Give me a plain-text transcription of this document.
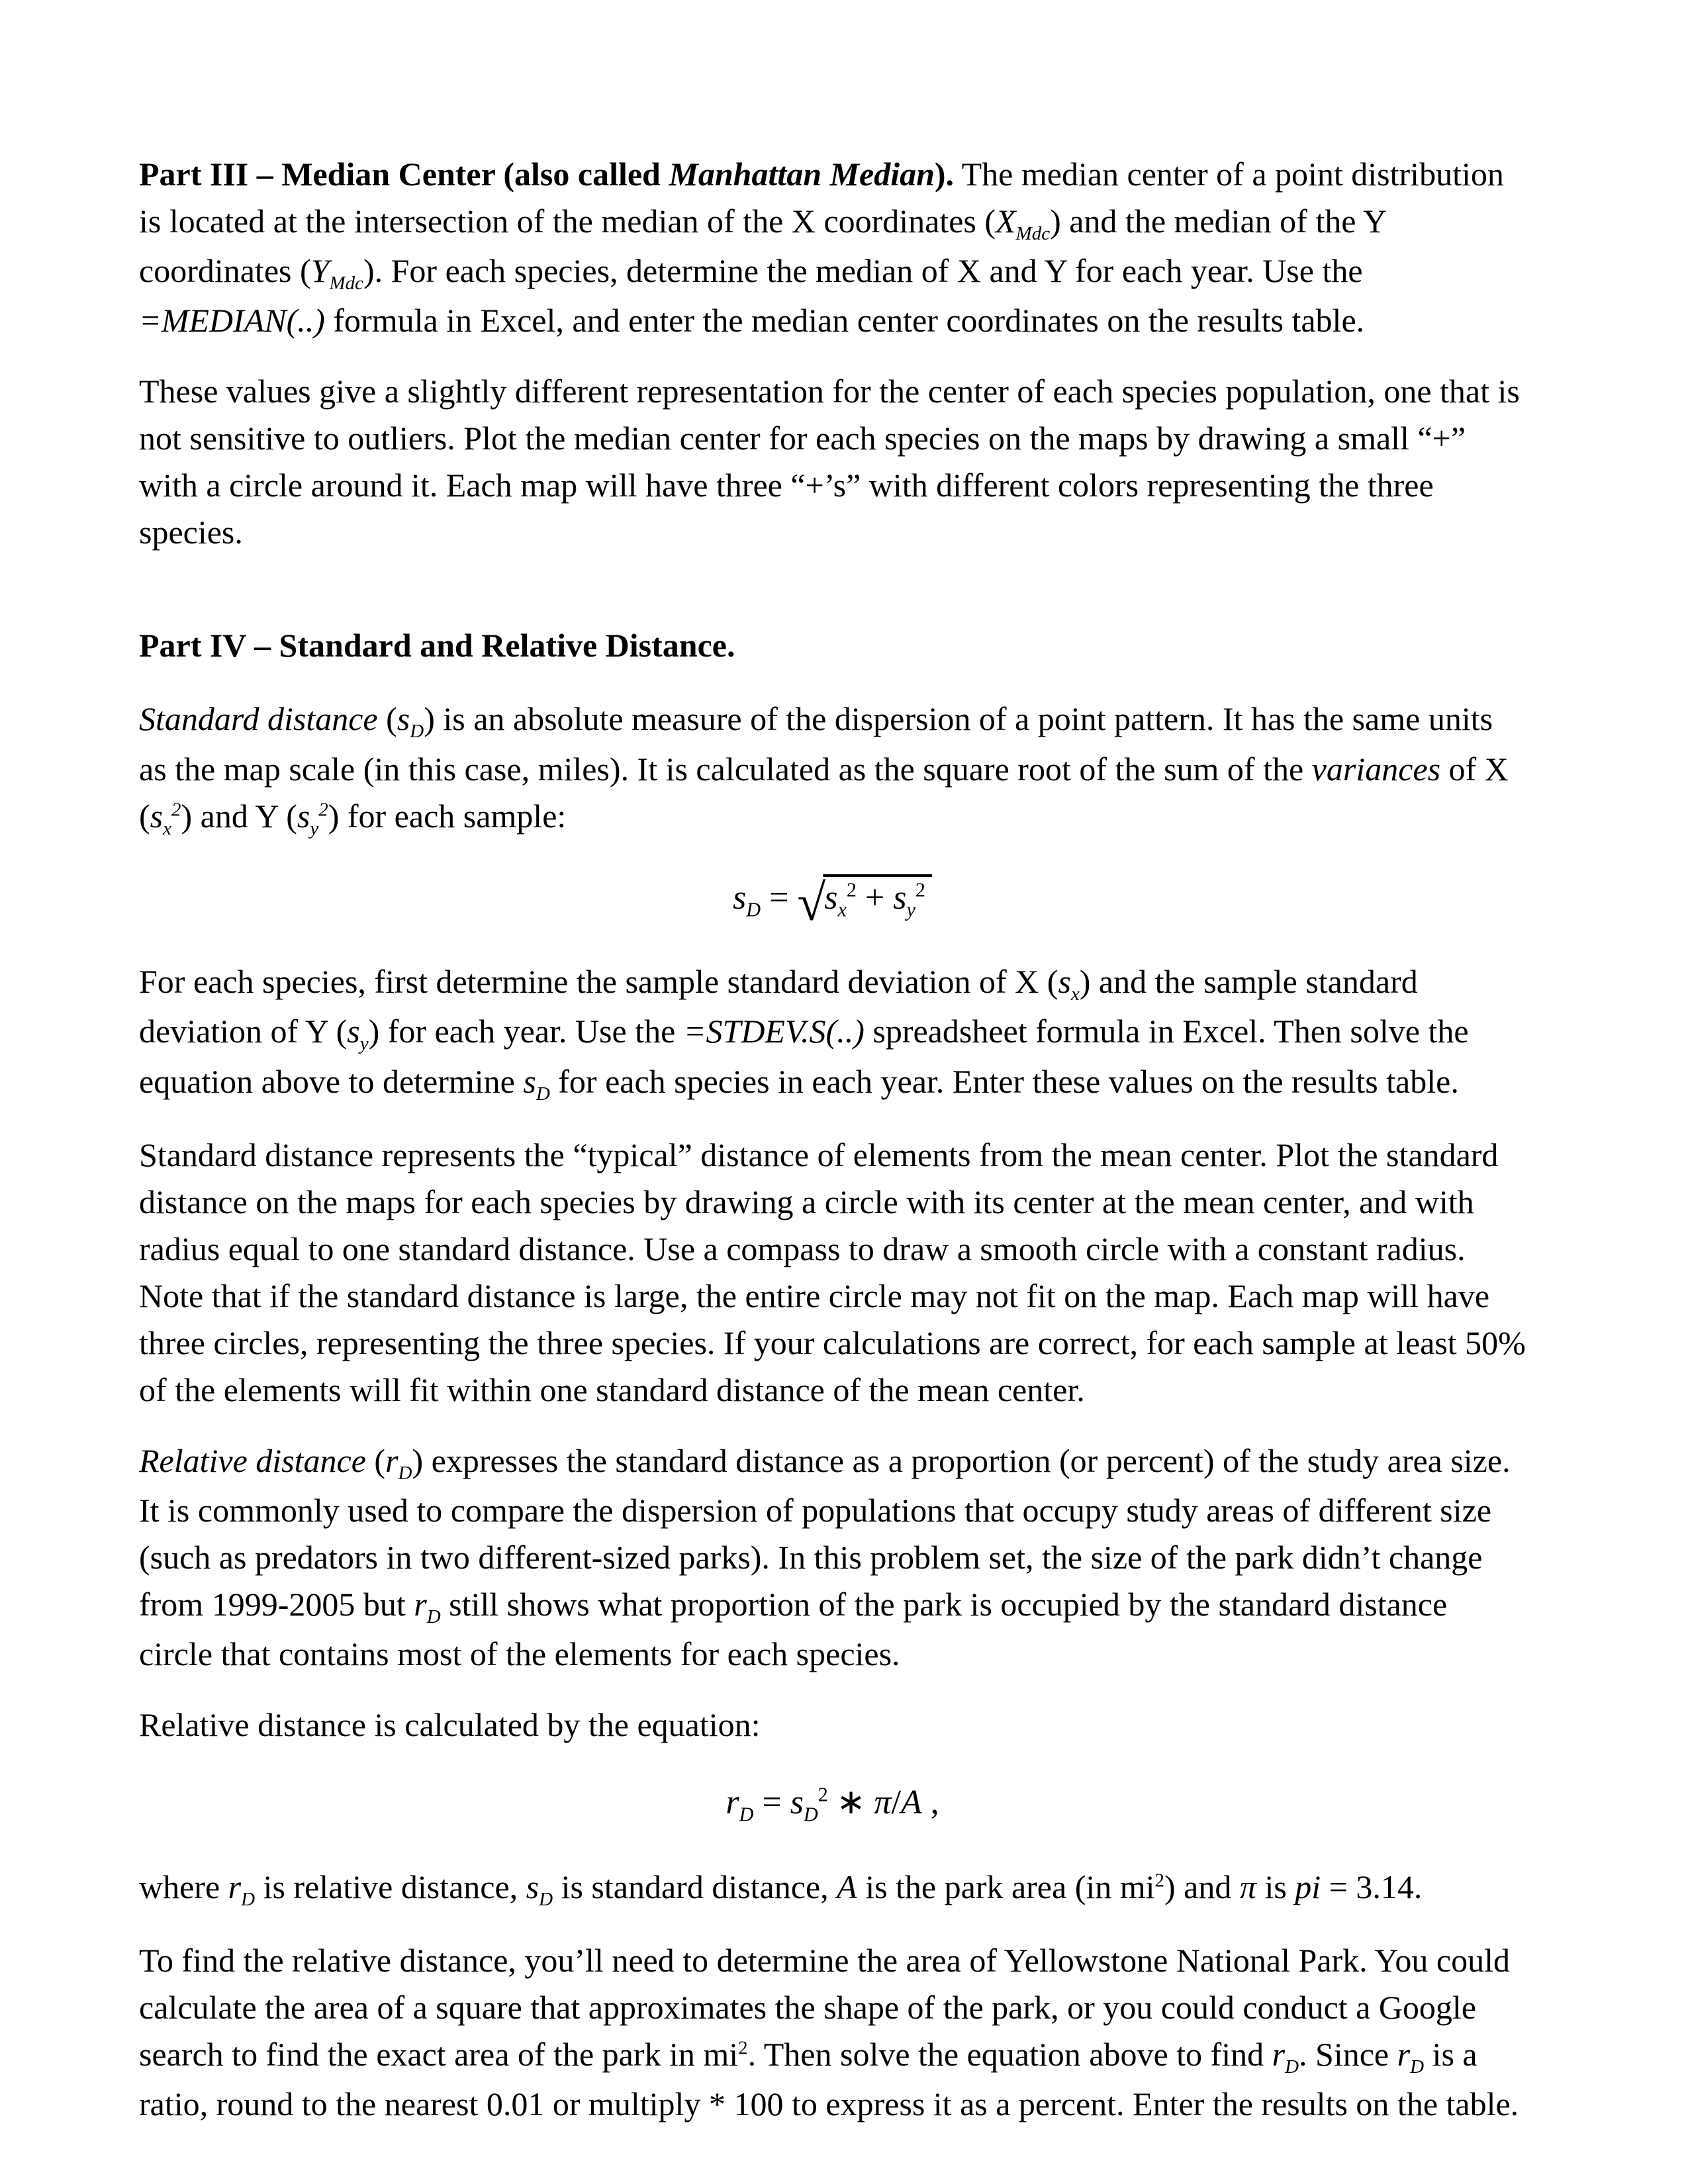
Part III – Median Center (also called Manhattan Median). The median center of a point distribution is located at the intersection of the median of the X coordinates $(X_{Mdc})$ and the median of the Y coordinates $(Y_{Mdc})$. For each species, determine the median of X and Y for each year. Use the =MEDIAN(..) formula in Excel, and enter the median center coordinates on the results table.

These values give a slightly different representation for the center of each species population, one that is not sensitive to outliers. Plot the median center for each species on the maps by drawing a small “+” with a circle around it. Each map will have three “+’s” with different colors representing the three species.

Part IV – Standard and Relative Distance.

Standard distance $(s_D)$ is an absolute measure of the dispersion of a point pattern. It has the same units as the map scale (in this case, miles). It is calculated as the square root of the sum of the variances of X $(s_x^2)$ and Y $(s_y^2)$ for each sample:

$s_D = √s_x^2 + s_y^2$

For each species, first determine the sample standard deviation of X $(s_x)$ and the sample standard deviation of Y $(s_y)$ for each year. Use the =STDEV.S(..) spreadsheet formula in Excel. Then solve the equation above to determine $s_D$ for each species in each year. Enter these values on the results table.

Standard distance represents the “typical” distance of elements from the mean center. Plot the standard distance on the maps for each species by drawing a circle with its center at the mean center, and with radius equal to one standard distance. Use a compass to draw a smooth circle with a constant radius. Note that if the standard distance is large, the entire circle may not fit on the map. Each map will have three circles, representing the three species. If your calculations are correct, for each sample at least 50% of the elements will fit within one standard distance of the mean center.

Relative distance $(r_D)$ expresses the standard distance as a proportion (or percent) of the study area size. It is commonly used to compare the dispersion of populations that occupy study areas of different size (such as predators in two different-sized parks). In this problem set, the size of the park didn’t change from 1999-2005 but $r_D$ still shows what proportion of the park is occupied by the standard distance circle that contains most of the elements for each species.

Relative distance is calculated by the equation:

$r_D = s_D^2$ ∗ π/A ,

where $r_D$ is relative distance, $s_D$ is standard distance, A is the park area (in $mi^2$) and π is pi = 3.14.

To find the relative distance, you’ll need to determine the area of Yellowstone National Park. You could calculate the area of a square that approximates the shape of the park, or you could conduct a Google search to find the exact area of the park in $mi^2$. Then solve the equation above to find $r_D$. Since $r_D$ is a ratio, round to the nearest 0.01 or multiply * 100 to express it as a percent. Enter the results on the table.
